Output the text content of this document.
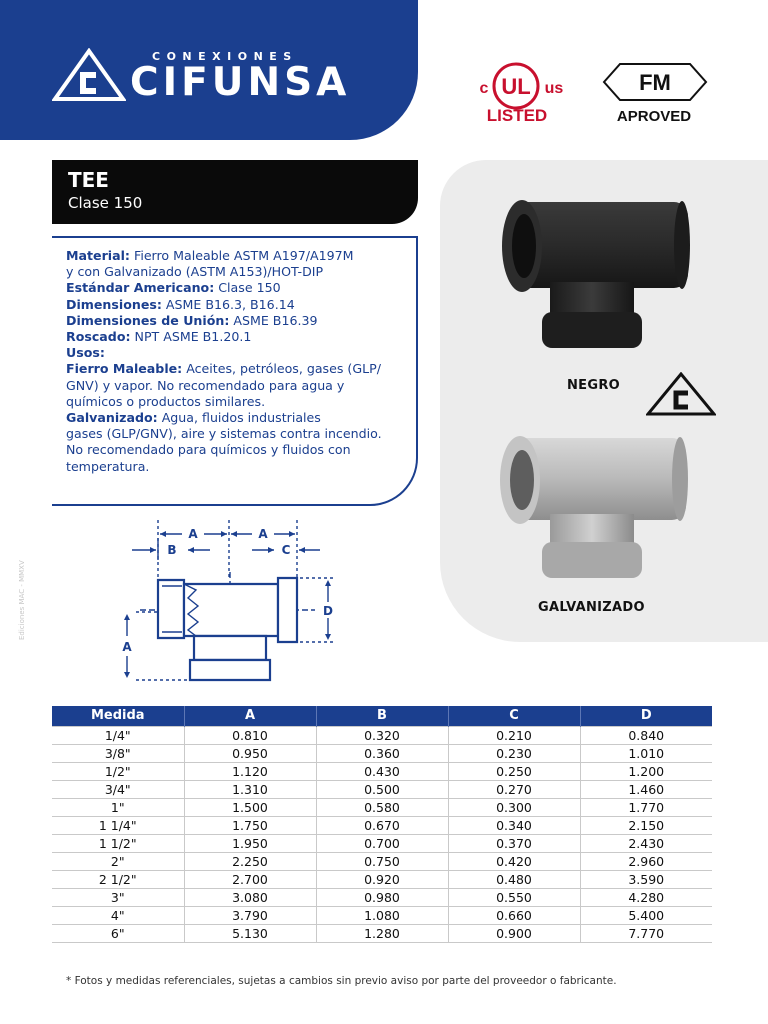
CONEXIONES
CIFUNSA	UL
c	us
LISTED
FM
APROVED
TEE
Clase 150
Material: Fierro Maleable ASTM A197/A197M
y con Galvanizado (ASTM A153)/HOT-DIP
Estándar Americano: Clase 150
Dimensiones: ASME B16.3, B16.14
Dimensiones de Unión: ASME B16.39
Roscado: NPT ASME B1.20.1
Usos:
Fierro Maleable: Aceites, petróleos, gases (GLP/
GNV) y vapor. No recomendado para agua y
químicos o productos similares.
Galvanizado: Agua, fluidos industriales
gases (GLP/GNV), aire y sistemas contra incendio.
No recomendado para químicos y fluidos con
temperatura.
NEGRO
GALVANIZADO
A	A
B	C
D
A
Medida	A	B	C	D
1/4"	0.810	0.320	0.210	0.840
3/8"	0.950	0.360	0.230	1.010
1/2"	1.120	0.430	0.250	1.200
3/4"	1.310	0.500	0.270	1.460
1"	1.500	0.580	0.300	1.770
1 1/4"	1.750	0.670	0.340	2.150
1 1/2"	1.950	0.700	0.370	2.430
2"	2.250	0.750	0.420	2.960
2 1/2"	2.700	0.920	0.480	3.590
3"	3.080	0.980	0.550	4.280
4"	3.790	1.080	0.660	5.400
6"	5.130	1.280	0.900	7.770
* Fotos y medidas referenciales, sujetas a cambios sin previo aviso por parte del proveedor o fabricante.
Ediciones MAC - MMXV
